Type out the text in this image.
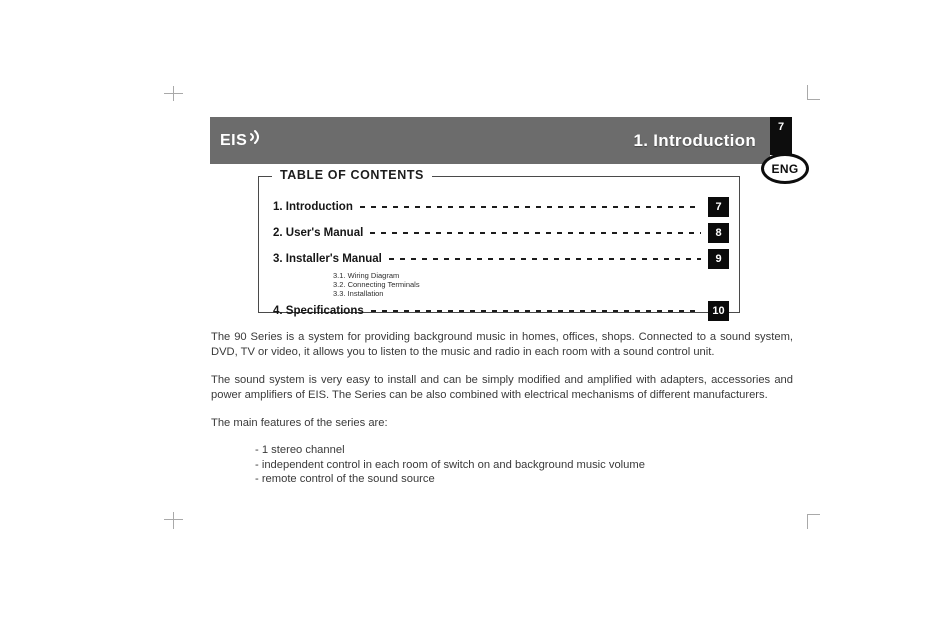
EIS	1. Introduction
7
ENG
TABLE OF CONTENTS
1. Introduction	7
2. User's Manual	8
3. Installer's Manual	9
3.1. Wiring Diagram
3.2. Connecting Terminals
3.3. Installation
4. Specifications	10

The 90 Series is a system for providing background music in homes, offices, shops. Connected to a sound system, DVD, TV or video, it allows you to listen to the music and radio in each room with a sound control unit.

The sound system is very easy to install and can be simply modified and amplified with adapters, accessories and power amplifiers of EIS. The Series can be also combined with electrical mechanisms of different manufacturers.

The main features of the series are:

- 1 stereo channel
- independent control in each room of switch on and background music volume
- remote control of the sound source
